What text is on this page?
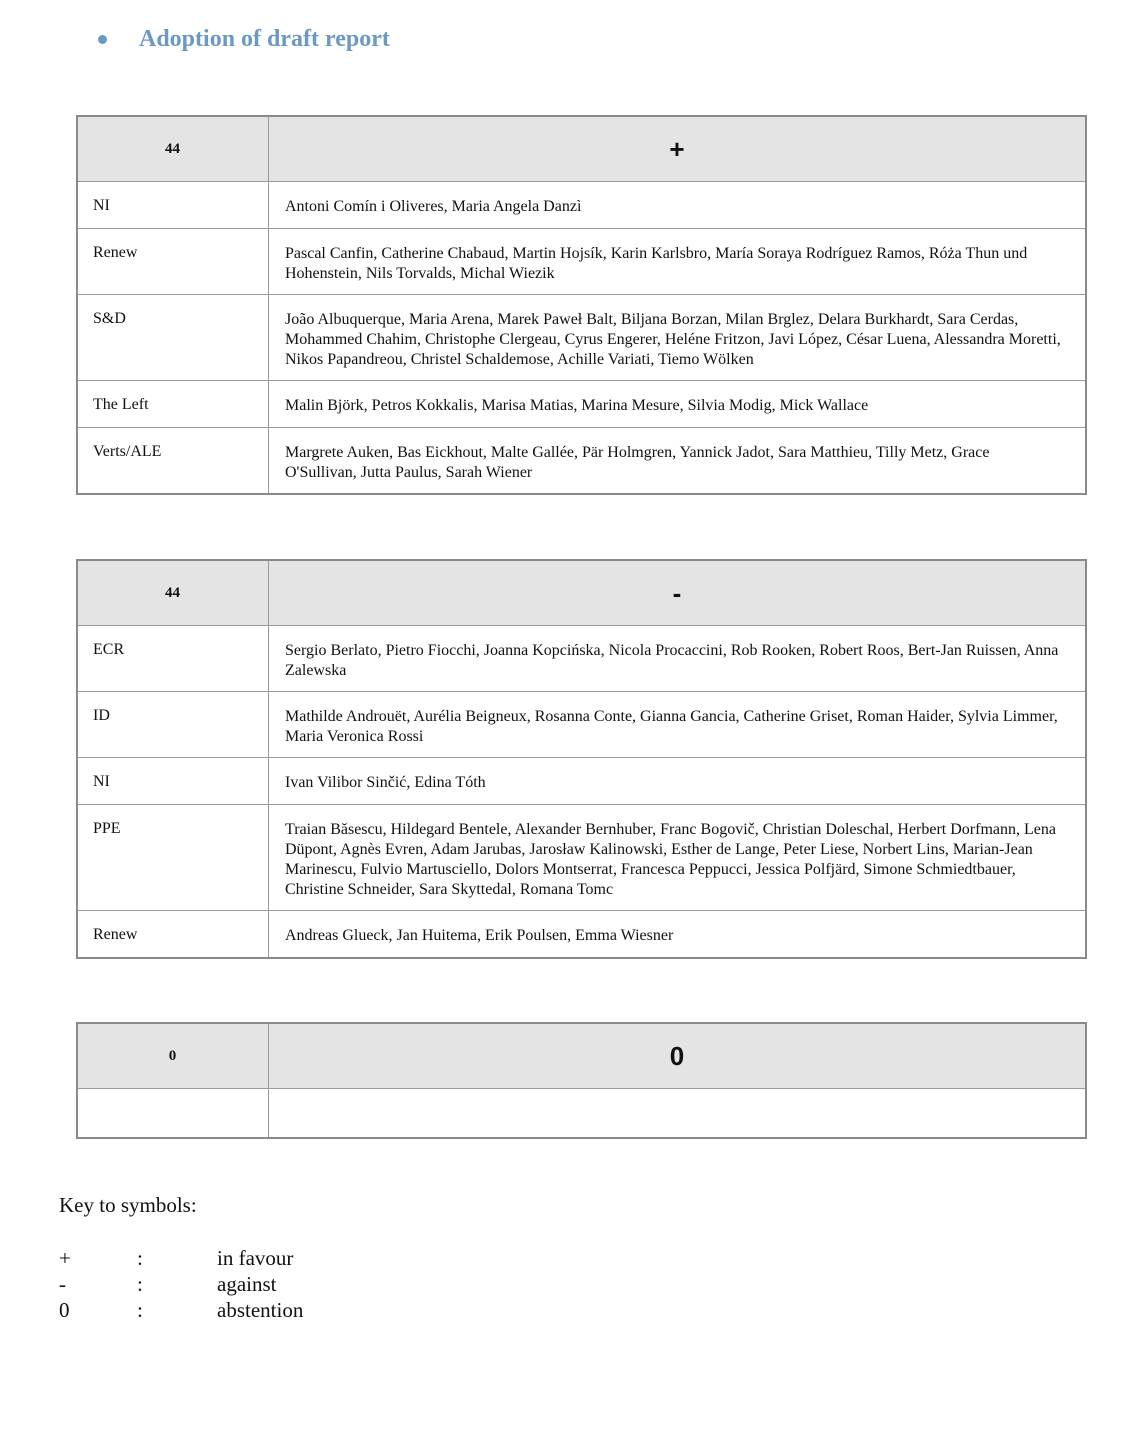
Adoption of draft report
44	+
NI	Antoni Comín i Oliveres, Maria Angela Danzì
Renew	Pascal Canfin, Catherine Chabaud, Martin Hojsík, Karin Karlsbro, María Soraya Rodríguez Ramos, Róża Thun und Hohenstein, Nils Torvalds, Michal Wiezik
S&D	João Albuquerque, Maria Arena, Marek Paweł Balt, Biljana Borzan, Milan Brglez, Delara Burkhardt, Sara Cerdas, Mohammed Chahim, Christophe Clergeau, Cyrus Engerer, Heléne Fritzon, Javi López, César Luena, Alessandra Moretti, Nikos Papandreou, Christel Schaldemose, Achille Variati, Tiemo Wölken
The Left	Malin Björk, Petros Kokkalis, Marisa Matias, Marina Mesure, Silvia Modig, Mick Wallace
Verts/ALE	Margrete Auken, Bas Eickhout, Malte Gallée, Pär Holmgren, Yannick Jadot, Sara Matthieu, Tilly Metz, Grace O'Sullivan, Jutta Paulus, Sarah Wiener
44	-
ECR	Sergio Berlato, Pietro Fiocchi, Joanna Kopcińska, Nicola Procaccini, Rob Rooken, Robert Roos, Bert-Jan Ruissen, Anna Zalewska
ID	Mathilde Androuët, Aurélia Beigneux, Rosanna Conte, Gianna Gancia, Catherine Griset, Roman Haider, Sylvia Limmer, Maria Veronica Rossi
NI	Ivan Vilibor Sinčić, Edina Tóth
PPE	Traian Băsescu, Hildegard Bentele, Alexander Bernhuber, Franc Bogovič, Christian Doleschal, Herbert Dorfmann, Lena Düpont, Agnès Evren, Adam Jarubas, Jarosław Kalinowski, Esther de Lange, Peter Liese, Norbert Lins, Marian-Jean Marinescu, Fulvio Martusciello, Dolors Montserrat, Francesca Peppucci, Jessica Polfjärd, Simone Schmiedtbauer, Christine Schneider, Sara Skyttedal, Romana Tomc
Renew	Andreas Glueck, Jan Huitema, Erik Poulsen, Emma Wiesner
0	0

Key to symbols:
+	:	in favour
-	:	against
0	:	abstention
